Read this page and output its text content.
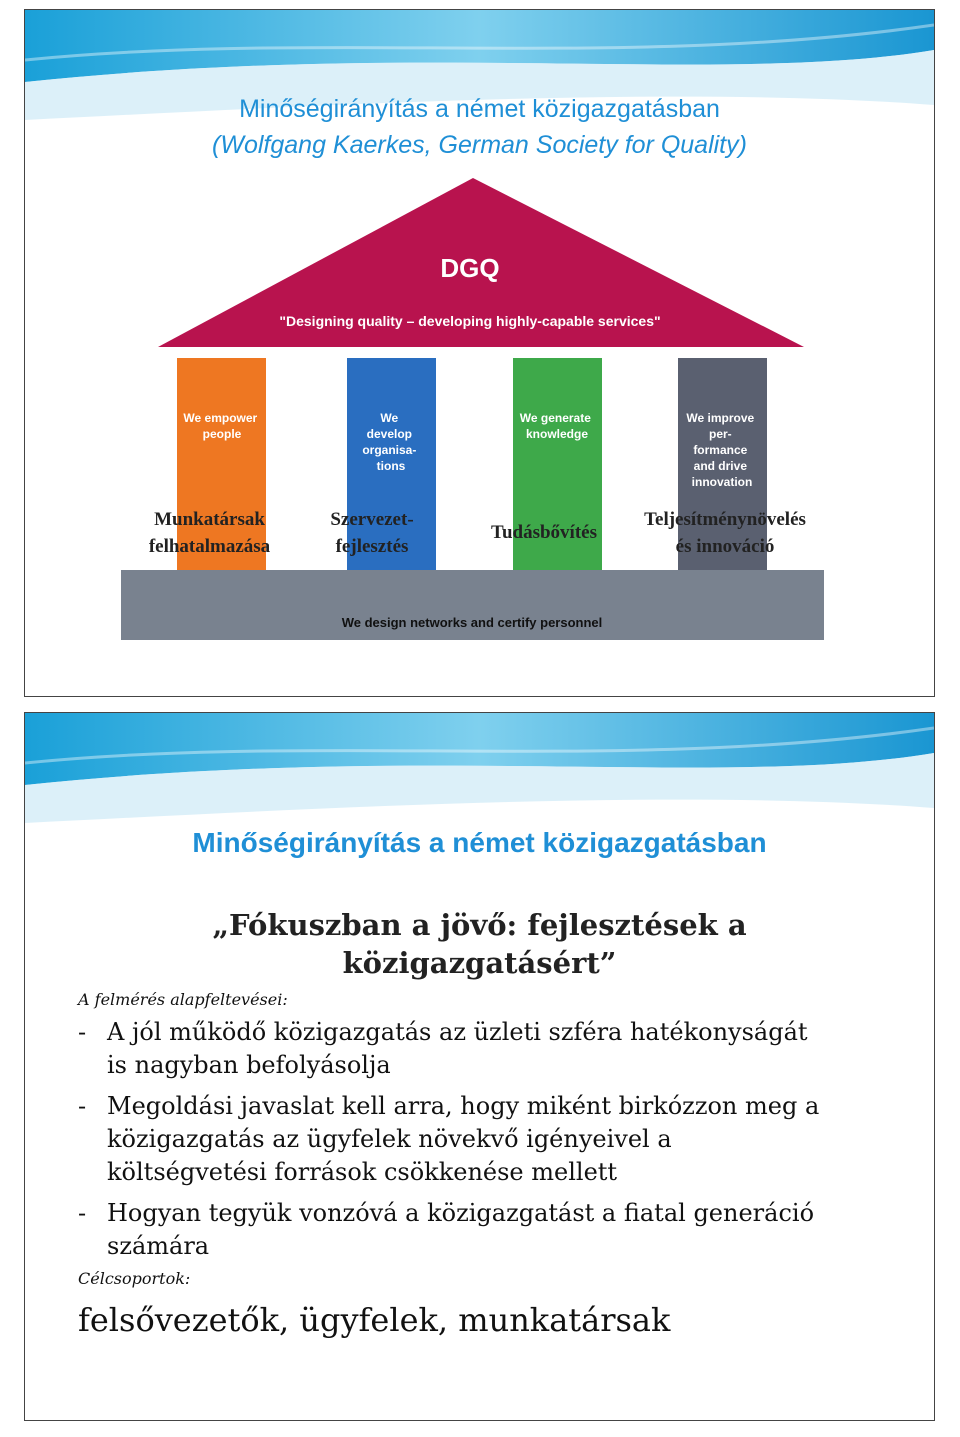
Minőségirányítás a német közigazgatásban
(Wolfgang Kaerkes, German Society for Quality)
DGQ
"Designing quality – developing highly-capable services"
We empower people
We develop organisa- tions
We generate knowledge
We improve per- formance and drive innovation
We design networks and certify personnel
Munkatársak
felhatalmazása
Szervezet-
fejlesztés
Tudásbővítés
Teljesítménynövelés
és innováció
Minőségirányítás a német közigazgatásban
„Fókuszban a jövő: fejlesztések a
közigazgatásért”
A felmérés alapfeltevései:
- A jól működő közigazgatás az üzleti szféra hatékonyságát
is nagyban befolyásolja
- Megoldási javaslat kell arra, hogy miként birkózzon meg a
közigazgatás az ügyfelek növekvő igényeivel a
költségvetési források csökkenése mellett
- Hogyan tegyük vonzóvá a közigazgatást a fiatal generáció
számára
Célcsoportok:
felsővezetők, ügyfelek, munkatársak
